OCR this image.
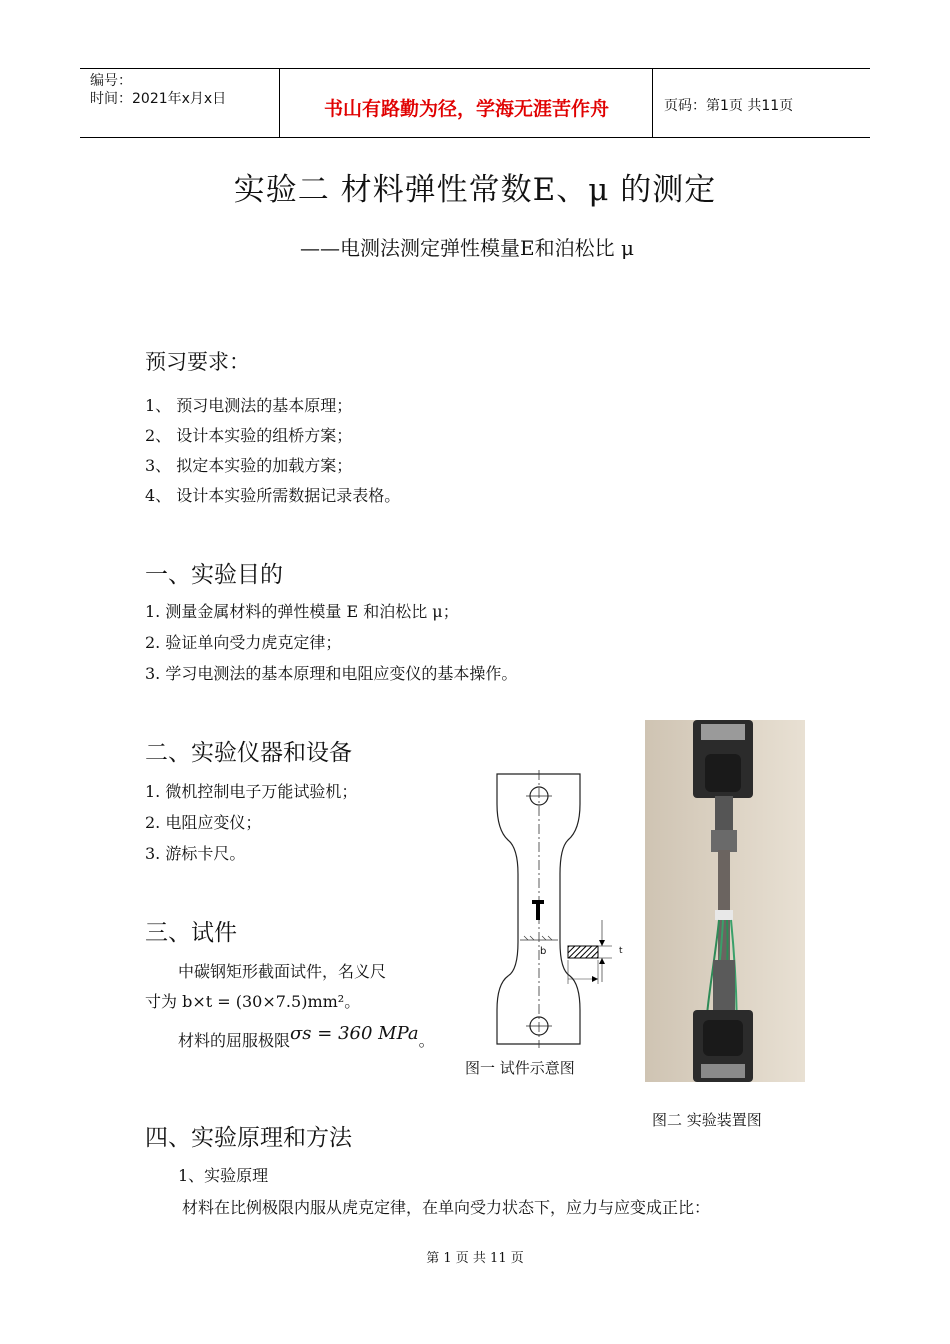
编号：
时间：2021年x月x日	书山有路勤为径，学海无涯苦作舟	页码：第1页 共11页
实验二 材料弹性常数E、μ 的测定
——电测法测定弹性模量E和泊松比 μ
预习要求：
1、 预习电测法的基本原理；
2、 设计本实验的组桥方案；
3、 拟定本实验的加载方案；
4、 设计本实验所需数据记录表格。
一、实验目的
1. 测量金属材料的弹性模量 E 和泊松比 μ；
2. 验证单向受力虎克定律；
3. 学习电测法的基本原理和电阻应变仪的基本操作。
二、实验仪器和设备
1. 微机控制电子万能试验机；
2. 电阻应变仪；
3. 游标卡尺。
三、试件
中碳钢矩形截面试件，名义尺
寸为 b×t = (30×7.5)mm²。
材料的屈服极限σs = 360 MPa。
b	t
图一 试件示意图
图二 实验装置图
四、实验原理和方法
1、实验原理
材料在比例极限内服从虎克定律，在单向受力状态下，应力与应变成正比：
第 1 页 共 11 页
